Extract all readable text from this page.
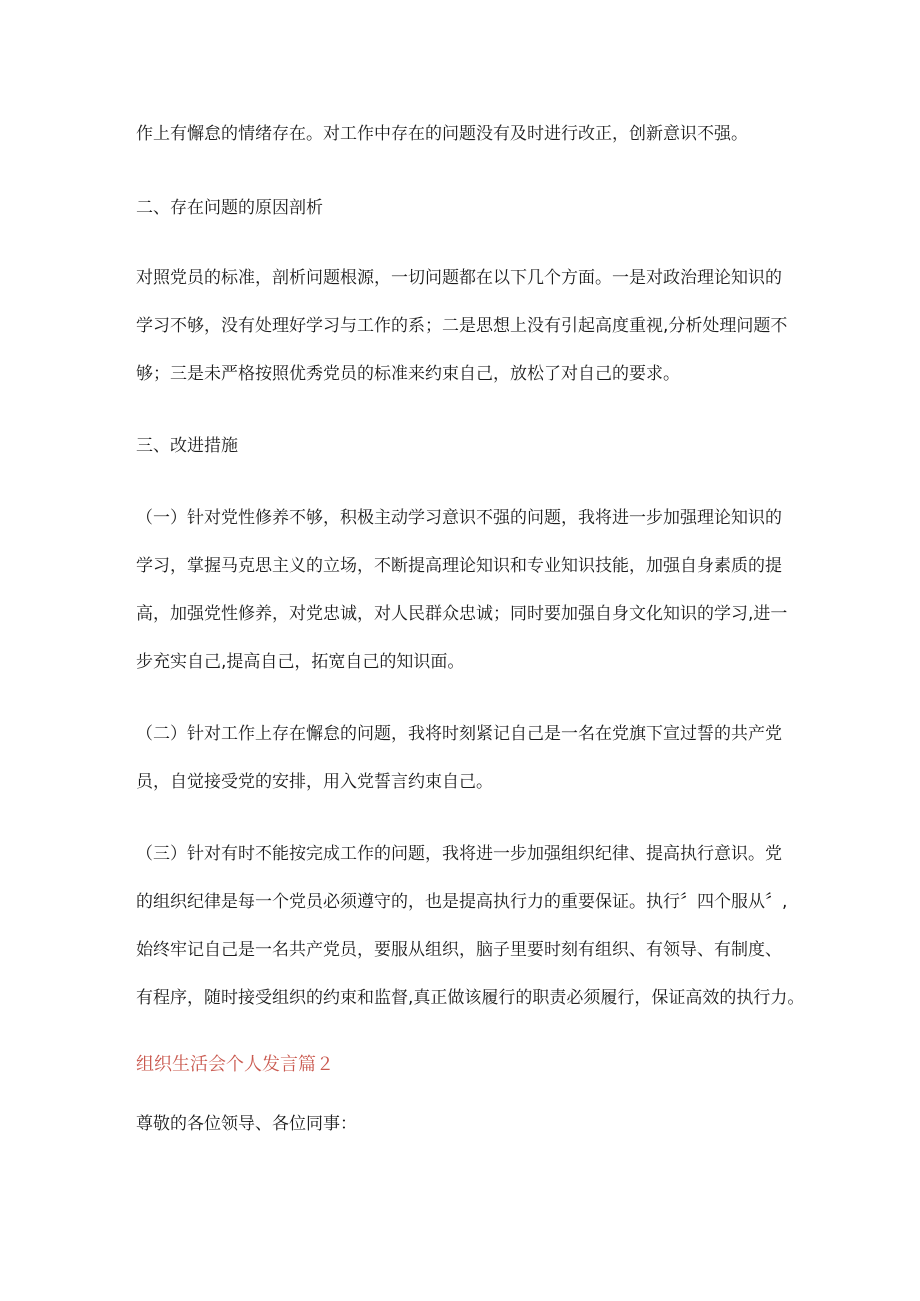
作上有懈怠的情绪存在。对工作中存在的问题没有及时进行改正，创新意识不强。
二、存在问题的原因剖析
对照党员的标准，剖析问题根源，一切问题都在以下几个方面。一是对政治理论知识的
学习不够，没有处理好学习与工作的系；二是思想上没有引起高度重视,分析处理问题不
够；三是未严格按照优秀党员的标准来约束自己，放松了对自己的要求。
三、改进措施
（一）针对党性修养不够，积极主动学习意识不强的问题，我将进一步加强理论知识的
学习，掌握马克思主义的立场，不断提高理论知识和专业知识技能，加强自身素质的提
高，加强党性修养，对党忠诚，对人民群众忠诚；同时要加强自身文化知识的学习,进一
步充实自己,提高自己，拓宽自己的知识面。
（二）针对工作上存在懈怠的问题，我将时刻紧记自己是一名在党旗下宣过誓的共产党
员，自觉接受党的安排，用入党誓言约束自己。
（三）针对有时不能按完成工作的问题，我将进一步加强组织纪律、提高执行意识。党
的组织纪律是每一个党员必须遵守的，也是提高执行力的重要保证。执行〞四个服从〞,
始终牢记自己是一名共产党员，要服从组织，脑子里要时刻有组织、有领导、有制度、
有程序，随时接受组织的约束和监督,真正做该履行的职责必须履行，保证高效的执行力。
组织生活会个人发言篇２
尊敬的各位领导、各位同事：
